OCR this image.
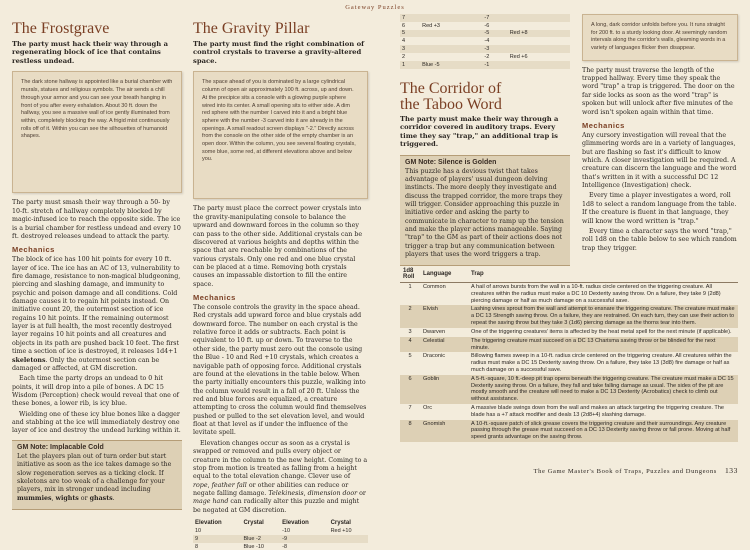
Gateway Puzzles
The Frostgrave
The party must hack their way through a regenerating block of ice that contains restless undead.
The dark stone hallway is appointed like a burial chamber with murals, statues and religious symbols. The air sends a chill through your armor and you can see your breath hanging in front of you after every exhalation. About 30 ft. down the hallway, you see a massive wall of ice gently illuminated from within, completely blocking the way. A frigid mist continuously rolls off of it. Within you can see the silhouettes of humanoid shapes.

The party must smash their way through a 50- by 10-ft. stretch of hallway completely blocked by magic-infused ice to reach the opposite side. The ice is a burial chamber for restless undead and every 10 ft. destroyed releases undead to attack the party.

Mechanics

The block of ice has 100 hit points for every 10 ft. layer of ice. The ice has an AC of 13, vulnerability to fire damage, resistance to non-magical bludgeoning, piercing and slashing damage, and immunity to psychic and poison damage and all conditions. Cold damage causes it to regain hit points instead. On initiative count 20, the outermost section of ice regains 10 hit points. If the remaining outermost layer is at full health, the most recently destroyed layer regains 10 hit points and all creatures and objects in its path are pushed back 10 feet. The first time a section of ice is destroyed, it releases 1d4+1 skeletons. Only the outermost section can be damaged or affected, at GM discretion.

Each time the party drops an undead to 0 hit points, it will drop into a pile of bones. A DC 15 Wisdom (Perception) check would reveal that one of these bones, a lower rib, is icy blue.

Wielding one of these icy blue bones like a dagger and stabbing at the ice will immediately destroy one layer of ice and destroy the undead lurking within it.

GM Note: Implacable Cold

Let the players plan out of turn order but start initiative as soon as the ice takes damage so the slow regeneration serves as a ticking clock. If skeletons are too weak of a challenge for your players, mix in stronger undead including mummies, wights or ghasts.

The Gravity Pillar
The party must find the right combination of control crystals to traverse a gravity-altered space.
The space ahead of you is dominated by a large cylindrical column of open air approximately 100 ft. across, up and down. At the precipice sits a console with a glowing purple sphere wired into its center. A small opening sits to either side. A dim red sphere with the number I carved into it and a bright blue sphere with the number -3 carved into it are already in the openings. A small readout screen displays "-2." Directly across from the console on the other side of the empty chamber is an open door. Within the column, you see several floating crystals, some blue, some red, at different elevations above and below you.

The party must place the correct power crystals into the gravity-manipulating console to balance the upward and downward forces in the column so they can pass to the other side. Additional crystals can be discovered at various heights and depths within the space that are reachable by combinations of the various crystals. Only one red and one blue crystal can be placed at a time. Removing both crystals causes an impassable distortion to fill the entire space.

Mechanics

The console controls the gravity in the space ahead. Red crystals add upward force and blue crystals add downward force. The number on each crystal is the relative force it adds or subtracts. Each point is equivalent to 10 ft. up or down. To traverse to the other side, the party must zero out the console using the Blue - 10 and Red +10 crystals, which creates a navigable path of opposing force. Additional crystals are found at the elevations in the table below. When the party initially encounters this puzzle, walking into the column would result in a fall of 20 ft. Unless the red and blue forces are equalized, a creature attempting to cross the column would find themselves pushed or pulled to the set elevation level, and would float at that level as if under the influence of the levitate spell.

Elevation changes occur as soon as a crystal is swapped or removed and pulls every object or creature in the column to the new height. Coming to a stop from motion is treated as falling from a height equal to the total elevation change. Clever use of rope, feather fall or other abilities can reduce or negate falling damage. Telekinesis, dimension door or mage hand can radically alter this puzzle and might be negated at GM discretion.

Elevation	Crystal	Elevation	Crystal
10		-10	Red +10
9	Blue -2	-9	
8	Blue -10	-8	
7		-7	
6	Red +3	-6	
5		-5	Red +8
4		-4	
3		-3	
2		-2	Red +6
1	Blue -5	-1	
The Corridor of
the Taboo Word
The party must make their way through a corridor covered in auditory traps. Every time they say "trap," an additional trap is triggered.
GM Note: Silence is Golden

This puzzle has a devious twist that takes advantage of players' usual dungeon delving instincts. The more deeply they investigate and discuss the trapped corridor, the more traps they will trigger. Consider approaching this puzzle in initiative order and asking the party to communicate in character to ramp up the tension and make the player actions manageable. Saying "trap" to the GM as part of their actions does not trigger a trap but any communication between players that uses the word triggers a trap.

A long, dark corridor unfolds before you. It runs straight for 200 ft. to a sturdy looking door. At seemingly random intervals along the corridor's walls, gleaming words in a variety of languages flicker then disappear.

The party must traverse the length of the trapped hallway. Every time they speak the word "trap" a trap is triggered. The door on the far side locks as soon as the word "trap" is spoken but will unlock after five minutes of the word isn't spoken again within that time.

Mechanics

Any cursory investigation will reveal that the glimmering words are in a variety of languages, but are flashing so fast it's difficult to know which. A closer investigation will be required. A creature can discern the language and the word that's written in it with a successful DC 12 Intelligence (Investigation) check.

Every time a player investigates a word, roll 1d8 to select a random language from the table. If the creature is fluent in that language, they will know the word written is "trap."

Every time a character says the word "trap," roll 1d8 on the table below to see which random trap they trigger.

1d8 Roll	Language	Trap
1	Common	A hail of arrows bursts from the wall in a 10-ft. radius circle centered on the triggering creature. All creatures within the radius must make a DC 10 Dexterity saving throw. On a failure, they take 9 (2d8) piercing damage or half as much damage on a successful save.
2	Elvish	Lashing vines sprout from the wall and attempt to ensnare the triggering creature. The creature must make a DC 13 Strength saving throw. On a failure, they are restrained. On each turn, they can use their action to repeat the saving throw but they take 3 (1d6) piercing damage as the thorns tear into them.
3	Dwarven	One of the triggering creatures' items is affected by the heat metal spell for the next minute (if applicable).
4	Celestial	The triggering creature must succeed on a DC 13 Charisma saving throw or be blinded for the next minute.
5	Draconic	Billowing flames sweep in a 10-ft. radius circle centered on the triggering creature. All creatures within the radius must make a DC 15 Dexterity saving throw. On a failure, they take 13 (3d8) fire damage or half as much damage on a successful save.
6	Goblin	A 5-ft.-square, 10 ft.-deep pit trap opens beneath the triggering creature. The creature must make a DC 15 Dexterity saving throw. On a failure, they fall and take falling damage as usual. The sides of the pit are mostly smooth and the creature will need to make a DC 13 Dexterity (Acrobatics) check to climb out without assistance.
7	Orc	A massive blade swings down from the wall and makes an attack targeting the triggering creature. The blade has a +7 attack modifier and deals 13 (2d8+4) slashing damage.
8	Gnomish	A 10-ft.-square patch of slick grease covers the triggering creature and their surroundings. Any creature passing through the grease must succeed on a DC 13 Dexterity saving throw or fall prone. Moving at half speed grants advantage on the saving throw.
The Game Master's Book of Traps, Puzzles and Dungeons 133
